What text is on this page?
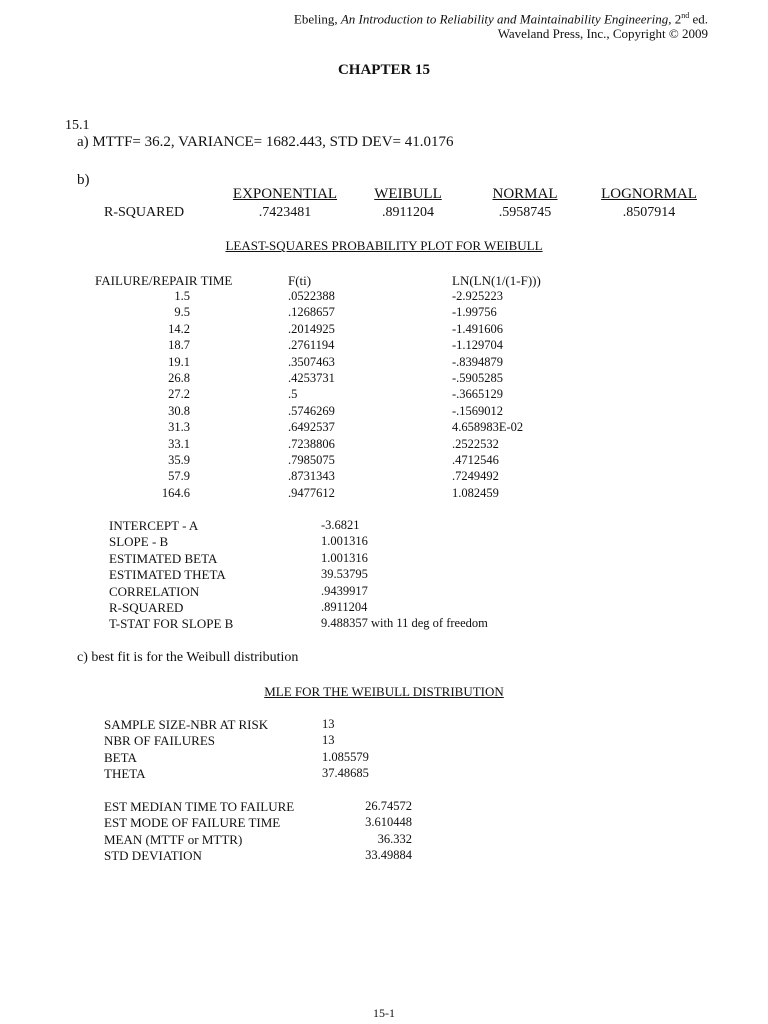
Ebeling, An Introduction to Reliability and Maintainability Engineering, 2nd ed.
Waveland Press, Inc., Copyright © 2009
CHAPTER 15
15.1
a) MTTF= 36.2, VARIANCE= 1682.443, STD DEV= 41.0176
b)
EXPONENTIAL	WEIBULL	NORMAL	LOGNORMAL
R-SQUARED	.7423481	.8911204	.5958745	.8507914
LEAST-SQUARES PROBABILITY PLOT FOR WEIBULL
FAILURE/REPAIR TIME	F(ti)	LN(LN(1/(1-F)))
1.5	.0522388	-2.925223
9.5	.1268657	-1.99756
14.2	.2014925	-1.491606
18.7	.2761194	-1.129704
19.1	.3507463	-.8394879
26.8	.4253731	-.5905285
27.2	.5	-.3665129
30.8	.5746269	-.1569012
31.3	.6492537	4.658983E-02
33.1	.7238806	.2522532
35.9	.7985075	.4712546
57.9	.8731343	.7249492
164.6	.9477612	1.082459
INTERCEPT - A	-3.6821
SLOPE - B	1.001316
ESTIMATED BETA	1.001316
ESTIMATED THETA	39.53795
CORRELATION	.9439917
R-SQUARED	.8911204
T-STAT FOR SLOPE B	9.488357 with 11 deg of freedom
c) best fit is for the Weibull distribution
MLE FOR THE WEIBULL DISTRIBUTION
SAMPLE SIZE-NBR AT RISK	13
NBR OF FAILURES	13
BETA	1.085579
THETA	37.48685
EST MEDIAN TIME TO FAILURE	26.74572
EST MODE OF FAILURE TIME	3.610448
MEAN (MTTF or MTTR)	36.332
STD DEVIATION	33.49884
15-1
